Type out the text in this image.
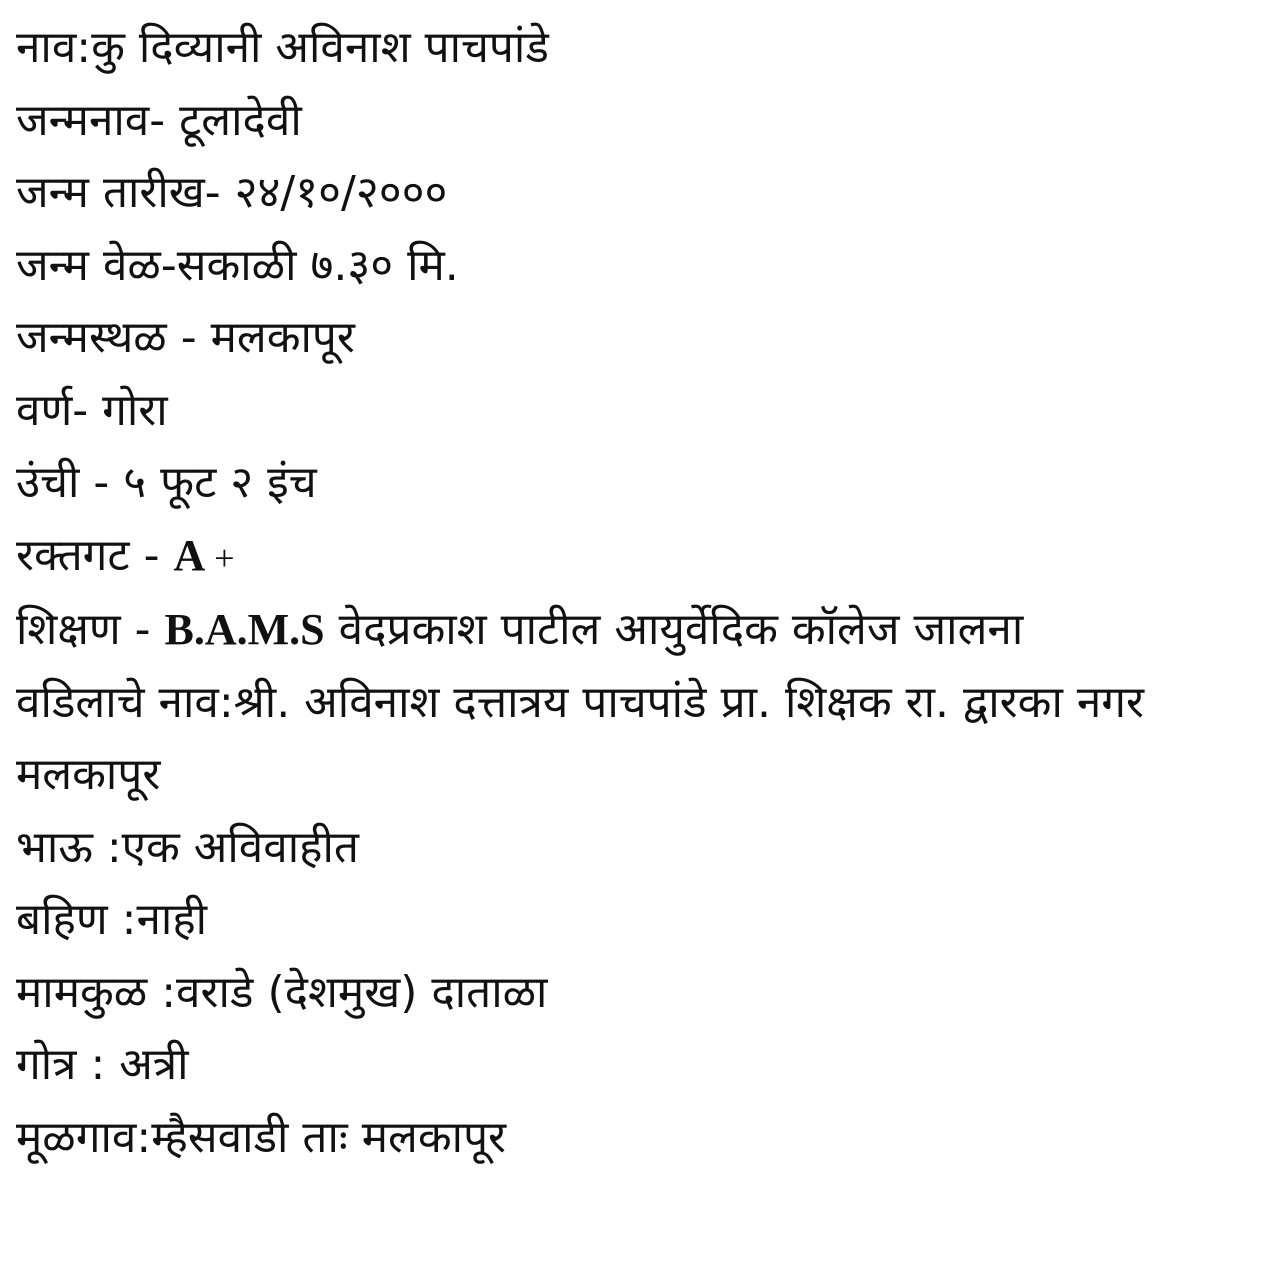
नाव:कु दिव्यानी अविनाश पाचपांडे
जन्मनाव- टूलादेवी
जन्म तारीख- २४/१०/२०००
जन्म वेळ-सकाळी ७.३० मि.
जन्मस्थळ - मलकापूर
वर्ण- गोरा
उंची - ५ फूट २ इंच
रक्तगट - A +
शिक्षण - B.A.M.S वेदप्रकाश पाटील आयुर्वेदिक कॉलेज जालना
वडिलाचे नाव:श्री. अविनाश दत्तात्रय पाचपांडे प्रा. शिक्षक रा. द्वारका नगर मलकापूर
भाऊ :एक अविवाहीत
बहिण :नाही
मामकुळ :वराडे (देशमुख) दाताळा
गोत्र : अत्री
मूळगाव:म्हैसवाडी ताः मलकापूर
